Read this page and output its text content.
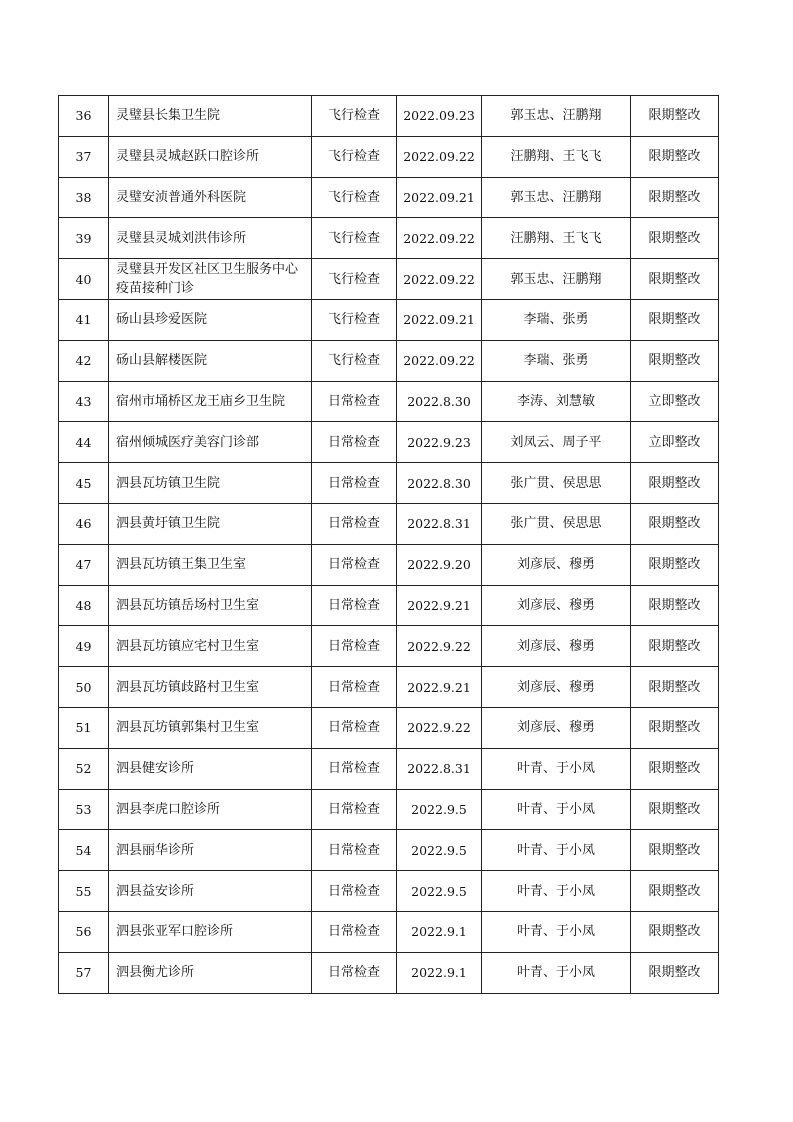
36	灵璧县长集卫生院	飞行检查	2022.09.23	郭玉忠、汪鹏翔	限期整改
37	灵璧县灵城赵跃口腔诊所	飞行检查	2022.09.22	汪鹏翔、王飞飞	限期整改
38	灵璧安浈普通外科医院	飞行检查	2022.09.21	郭玉忠、汪鹏翔	限期整改
39	灵璧县灵城刘洪伟诊所	飞行检查	2022.09.22	汪鹏翔、王飞飞	限期整改
40	灵璧县开发区社区卫生服务中心疫苗接种门诊	飞行检查	2022.09.22	郭玉忠、汪鹏翔	限期整改
41	砀山县珍爱医院	飞行检查	2022.09.21	李瑞、张勇	限期整改
42	砀山县解楼医院	飞行检查	2022.09.22	李瑞、张勇	限期整改
43	宿州市埇桥区龙王庙乡卫生院	日常检查	2022.8.30	李涛、刘慧敏	立即整改
44	宿州倾城医疗美容门诊部	日常检查	2022.9.23	刘凤云、周子平	立即整改
45	泗县瓦坊镇卫生院	日常检查	2022.8.30	张广贯、侯思思	限期整改
46	泗县黄圩镇卫生院	日常检查	2022.8.31	张广贯、侯思思	限期整改
47	泗县瓦坊镇王集卫生室	日常检查	2022.9.20	刘彦辰、穆勇	限期整改
48	泗县瓦坊镇岳场村卫生室	日常检查	2022.9.21	刘彦辰、穆勇	限期整改
49	泗县瓦坊镇应宅村卫生室	日常检查	2022.9.22	刘彦辰、穆勇	限期整改
50	泗县瓦坊镇歧路村卫生室	日常检查	2022.9.21	刘彦辰、穆勇	限期整改
51	泗县瓦坊镇郭集村卫生室	日常检查	2022.9.22	刘彦辰、穆勇	限期整改
52	泗县健安诊所	日常检查	2022.8.31	叶青、于小凤	限期整改
53	泗县李虎口腔诊所	日常检查	2022.9.5	叶青、于小凤	限期整改
54	泗县丽华诊所	日常检查	2022.9.5	叶青、于小凤	限期整改
55	泗县益安诊所	日常检查	2022.9.5	叶青、于小凤	限期整改
56	泗县张亚军口腔诊所	日常检查	2022.9.1	叶青、于小凤	限期整改
57	泗县衡尤诊所	日常检查	2022.9.1	叶青、于小凤	限期整改
